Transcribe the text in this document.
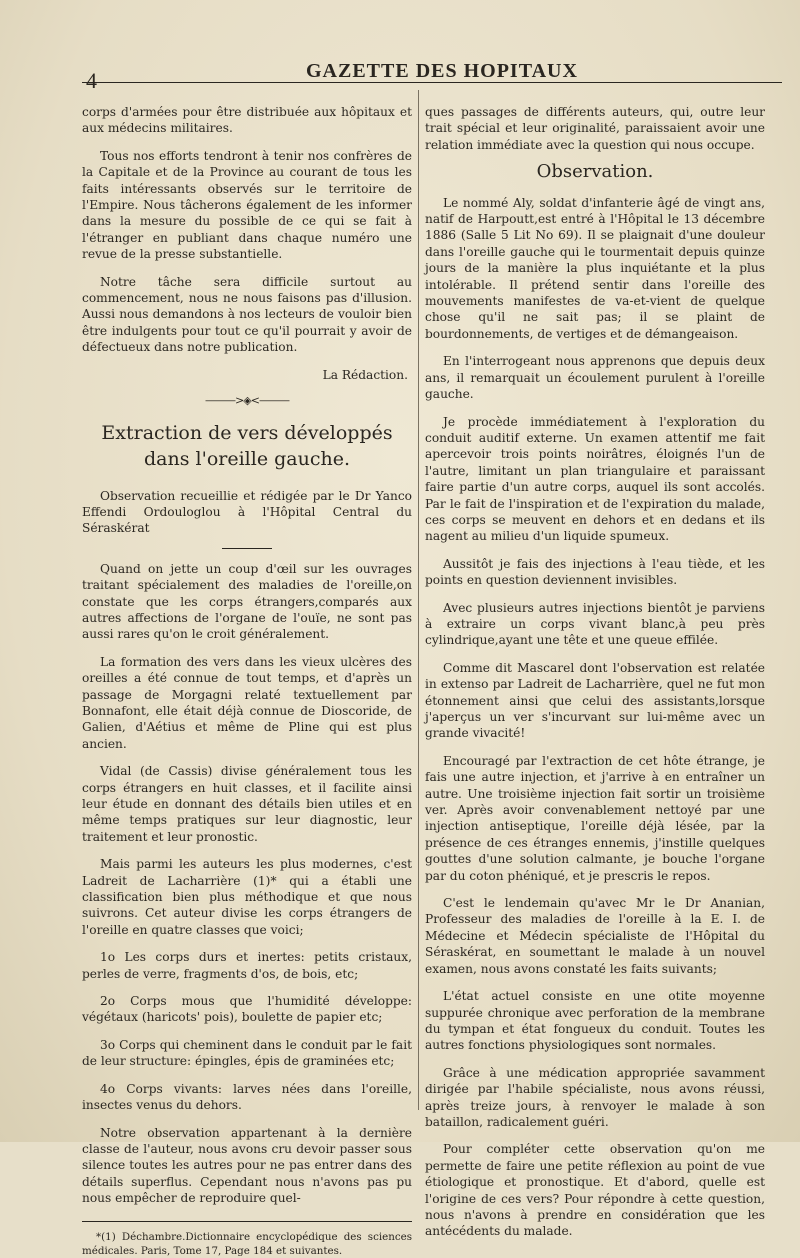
4	GAZETTE DES HOPITAUX

corps d'armées pour être distribuée aux hôpitaux et aux médecins militaires.

Tous nos efforts tendront à tenir nos confrères de la Capitale et de la Province au courant de tous les faits intéressants observés sur le territoire de l'Empire. Nous tâcherons également de les informer dans la mesure du possible de ce qui se fait à l'étranger en publiant dans chaque numéro une revue de la presse substantielle.

Notre tâche sera difficile surtout au commencement, nous ne nous faisons pas d'illusion. Aussi nous demandons à nos lecteurs de vouloir bien être indulgents pour tout ce qu'il pourrait y avoir de défectueux dans notre publication.

La Rédaction.

———>◈<———
Extraction de vers développés
dans l'oreille gauche.

Observation recueillie et rédigée par le Dr Yanco Effendi Ordouloglou à l'Hôpital Central du Séraskérat

Quand on jette un coup d'œil sur les ouvrages traitant spécialement des maladies de l'oreille,on constate que les corps étrangers,comparés aux autres affections de l'organe de l'ouïe, ne sont pas aussi rares qu'on le croit généralement.

La formation des vers dans les vieux ulcères des oreilles a été connue de tout temps, et d'après un passage de Morgagni relaté textuellement par Bonnafont, elle était déjà connue de Dioscoride, de Galien, d'Aétius et même de Pline qui est plus ancien.

Vidal (de Cassis) divise généralement tous les corps étrangers en huit classes, et il facilite ainsi leur étude en donnant des détails bien utiles et en même temps pratiques sur leur diagnostic, leur traitement et leur pronostic.

Mais parmi les auteurs les plus modernes, c'est Ladreit de Lacharrière (1)* qui a établi une classification bien plus méthodique et que nous suivrons. Cet auteur divise les corps étrangers de l'oreille en quatre classes que voici;

1o Les corps durs et inertes: petits cristaux, perles de verre, fragments d'os, de bois, etc;

2o Corps mous que l'humidité développe: végétaux (haricots' pois), boulette de papier etc;

3o Corps qui cheminent dans le conduit par le fait de leur structure: épingles, épis de graminées etc;

4o Corps vivants: larves nées dans l'oreille, insectes venus du dehors.

Notre observation appartenant à la dernière classe de l'auteur, nous avons cru devoir passer sous silence toutes les autres pour ne pas entrer dans des détails superflus. Cependant nous n'avons pas pu nous empêcher de reproduire quel-

*(1) Déchambre.Dictionnaire encyclopédique des sciences médicales. Paris, Tome 17, Page 184 et suivantes.

ques passages de différents auteurs, qui, outre leur trait spécial et leur originalité, paraissaient avoir une relation immédiate avec la question qui nous occupe.

Observation.

Le nommé Aly, soldat d'infanterie âgé de vingt ans, natif de Harpoutt,est entré à l'Hôpital le 13 décembre 1886 (Salle 5 Lit No 69). Il se plaignait d'une douleur dans l'oreille gauche qui le tourmentait depuis quinze jours de la manière la plus inquiétante et la plus intolérable. Il prétend sentir dans l'oreille des mouvements manifestes de va-et-vient de quelque chose qu'il ne sait pas; il se plaint de bourdonnements, de vertiges et de démangeaison.

En l'interrogeant nous apprenons que depuis deux ans, il remarquait un écoulement purulent à l'oreille gauche.

Je procède immédiatement à l'exploration du conduit auditif externe. Un examen attentif me fait apercevoir trois points noirâtres, éloignés l'un de l'autre, limitant un plan triangulaire et paraissant faire partie d'un autre corps, auquel ils sont accolés. Par le fait de l'inspiration et de l'expiration du malade, ces corps se meuvent en dehors et en dedans et ils nagent au milieu d'un liquide spumeux.

Aussitôt je fais des injections à l'eau tiède, et les points en question deviennent invisibles.

Avec plusieurs autres injections bientôt je parviens à extraire un corps vivant blanc,à peu près cylindrique,ayant une tête et une queue effilée.

Comme dit Mascarel dont l'observation est relatée in extenso par Ladreit de Lacharrière, quel ne fut mon étonnement ainsi que celui des assistants,lorsque j'aperçus un ver s'incurvant sur lui-même avec un grande vivacité!

Encouragé par l'extraction de cet hôte étrange, je fais une autre injection, et j'arrive à en entraîner un autre. Une troisième injection fait sortir un troisième ver. Après avoir convenablement nettoyé par une injection antiseptique, l'oreille déjà lésée, par la présence de ces étranges ennemis, j'instille quelques gouttes d'une solution calmante, je bouche l'organe par du coton phéniqué, et je prescris le repos.

C'est le lendemain qu'avec Mr le Dr Ananian, Professeur des maladies de l'oreille à la E. I. de Médecine et Médecin spécialiste de l'Hôpital du Séraskérat, en soumettant le malade à un nouvel examen, nous avons constaté les faits suivants;

L'état actuel consiste en une otite moyenne suppurée chronique avec perforation de la membrane du tympan et état fongueux du conduit. Toutes les autres fonctions physiologiques sont normales.

Grâce à une médication appropriée savamment dirigée par l'habile spécialiste, nous avons réussi, après treize jours, à renvoyer le malade à son bataillon, radicalement guéri.

Pour compléter cette observation qu'on me permette de faire une petite réflexion au point de vue étiologique et pronostique. Et d'abord, quelle est l'origine de ces vers? Pour répondre à cette question, nous n'avons à prendre en considération que les antécédents du malade.
